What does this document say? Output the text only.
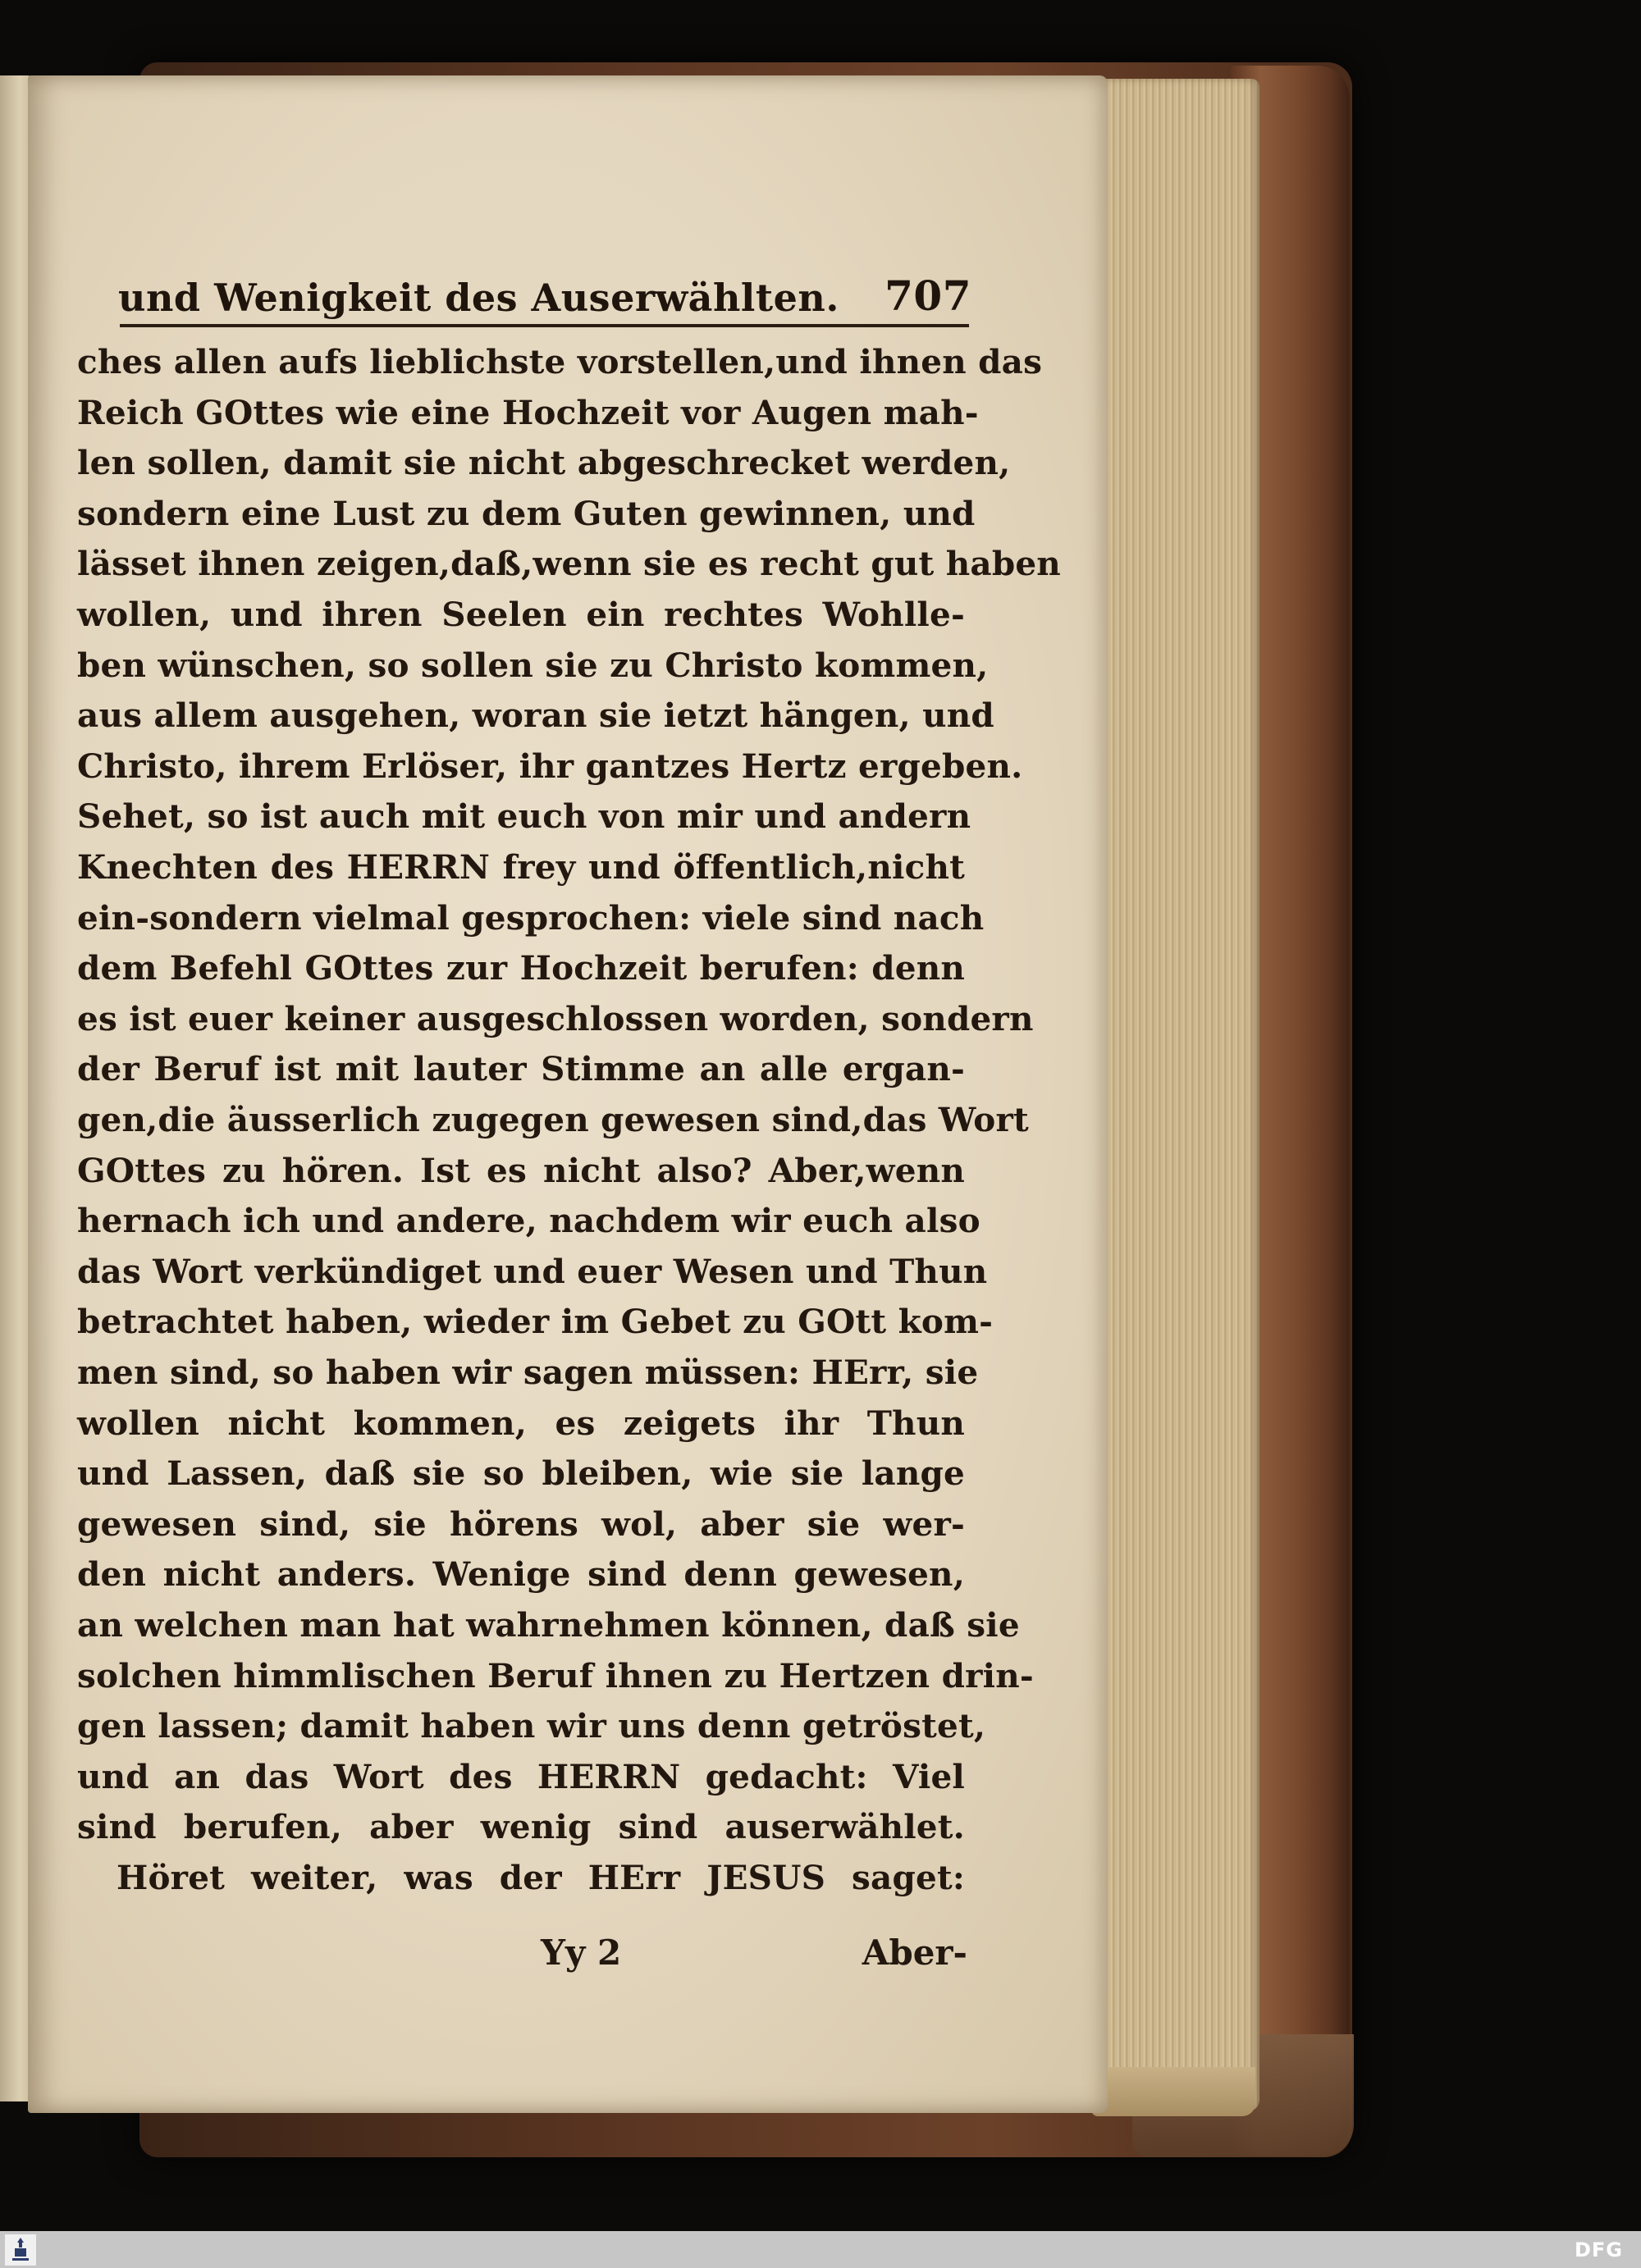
und Wenigkeit des Auserwählten. 707
ches allen aufs lieblichste vorstellen,und ihnen das
Reich GOttes wie eine Hochzeit vor Augen mah-
len sollen, damit sie nicht abgeschrecket werden,
sondern eine Lust zu dem Guten gewinnen, und
lässet ihnen zeigen,daß,wenn sie es recht gut haben
wollen, und ihren Seelen ein rechtes Wohlle-
ben wünschen, so sollen sie zu Christo kommen,
aus allem ausgehen, woran sie ietzt hängen, und
Christo, ihrem Erlöser, ihr gantzes Hertz ergeben.
Sehet, so ist auch mit euch von mir und andern
Knechten des HERRN frey und öffentlich,nicht
ein-sondern vielmal gesprochen: viele sind nach
dem Befehl GOttes zur Hochzeit berufen: denn
es ist euer keiner ausgeschlossen worden, sondern
der Beruf ist mit lauter Stimme an alle ergan-
gen,die äusserlich zugegen gewesen sind,das Wort
GOttes zu hören. Ist es nicht also? Aber,wenn
hernach ich und andere, nachdem wir euch also
das Wort verkündiget und euer Wesen und Thun
betrachtet haben, wieder im Gebet zu GOtt kom-
men sind, so haben wir sagen müssen: HErr, sie
wollen nicht kommen, es zeigets ihr Thun
und Lassen, daß sie so bleiben, wie sie lange
gewesen sind, sie hörens wol, aber sie wer-
den nicht anders. Wenige sind denn gewesen,
an welchen man hat wahrnehmen können, daß sie
solchen himmlischen Beruf ihnen zu Hertzen drin-
gen lassen; damit haben wir uns denn getröstet,
und an das Wort des HERRN gedacht: Viel
sind berufen, aber wenig sind auserwählet.
Höret weiter, was der HErr JESUS saget:
Yy 2	Aber-
DFG
